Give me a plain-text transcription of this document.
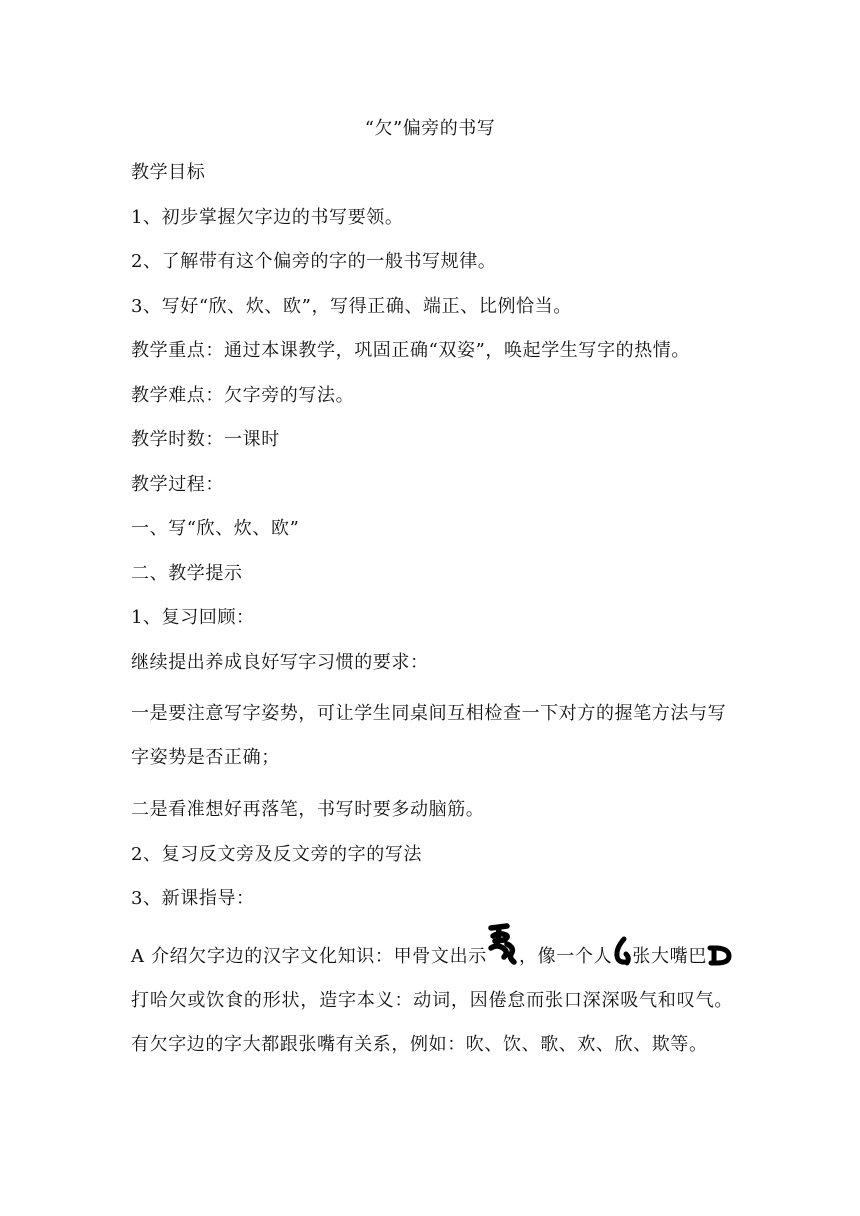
“欠”偏旁的书写

教学目标

1、初步掌握欠字边的书写要领。

2、了解带有这个偏旁的字的一般书写规律。

3、写好“欣、炊、欧”，写得正确、端正、比例恰当。

教学重点：通过本课教学，巩固正确“双姿”，唤起学生写字的热情。

教学难点：欠字旁的写法。

教学时数：一课时

教学过程：

一、写“欣、炊、欧”

二、教学提示

1、复习回顾：

继续提出养成良好写字习惯的要求：

一是要注意写字姿势，可让学生同桌间互相检查一下对方的握笔方法与写字姿势是否正确；

二是看准想好再落笔，书写时要多动脑筋。

2、复习反文旁及反文旁的字的写法

3、新课指导：

A 介绍欠字边的汉字文化知识：甲骨文出示 ，像一个人 张大嘴巴
打哈欠或饮食的形状，造字本义：动词，因倦怠而张口深深吸气和叹气。有欠字边的字大都跟张嘴有关系，例如：吹、饮、歌、欢、欣、欺等。
